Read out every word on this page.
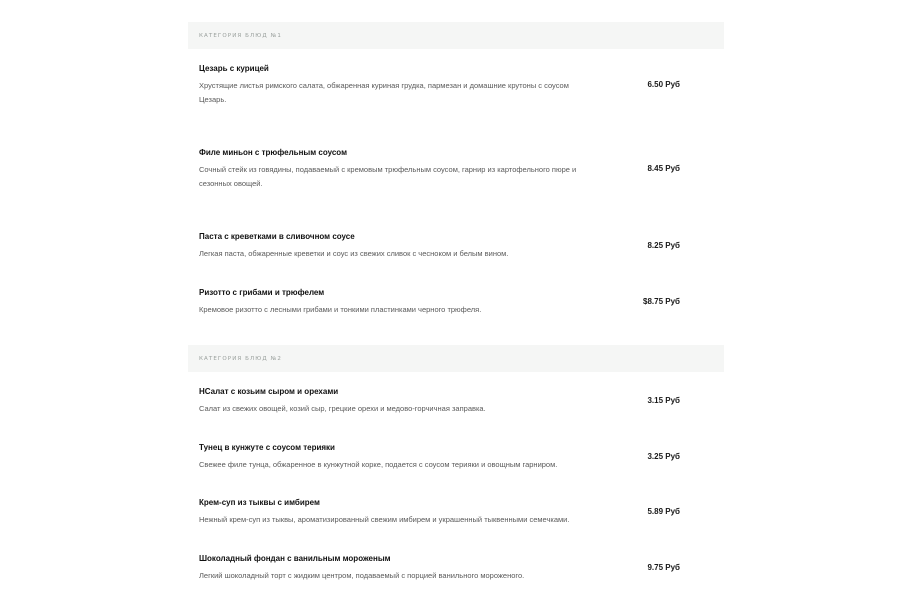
КАТЕГОРИЯ БЛЮД №1
Цезарь с курицей
Хрустящие листья римского салата, обжаренная куриная грудка, пармезан и домашние крутоны с соусом Цезарь.
6.50 Руб
Филе миньон с трюфельным соусом
Сочный стейк из говядины, подаваемый с кремовым трюфельным соусом, гарнир из картофельного пюре и сезонных овощей.
8.45 Руб
Паста с креветками в сливочном соусе
Легкая паста, обжаренные креветки и соус из свежих сливок с чесноком и белым вином.
8.25 Руб
Ризотто с грибами и трюфелем
Кремовое ризотто с лесными грибами и тонкими пластинками черного трюфеля.
$8.75 Руб
КАТЕГОРИЯ БЛЮД №2
НСалат с козьим сыром и орехами
Салат из свежих овощей, козий сыр, грецкие орехи и медово-горчичная заправка.
3.15 Руб
Тунец в кунжуте с соусом терияки
Свежее филе тунца, обжаренное в кунжутной корке, подается с соусом терияки и овощным гарниром.
3.25 Руб
Крем-суп из тыквы с имбирем
Нежный крем-суп из тыквы, ароматизированный свежим имбирем и украшенный тыквенными семечками.
5.89 Руб
Шоколадный фондан с ванильным мороженым
Легкий шоколадный торт с жидким центром, подаваемый с порцией ванильного мороженого.
9.75 Руб
